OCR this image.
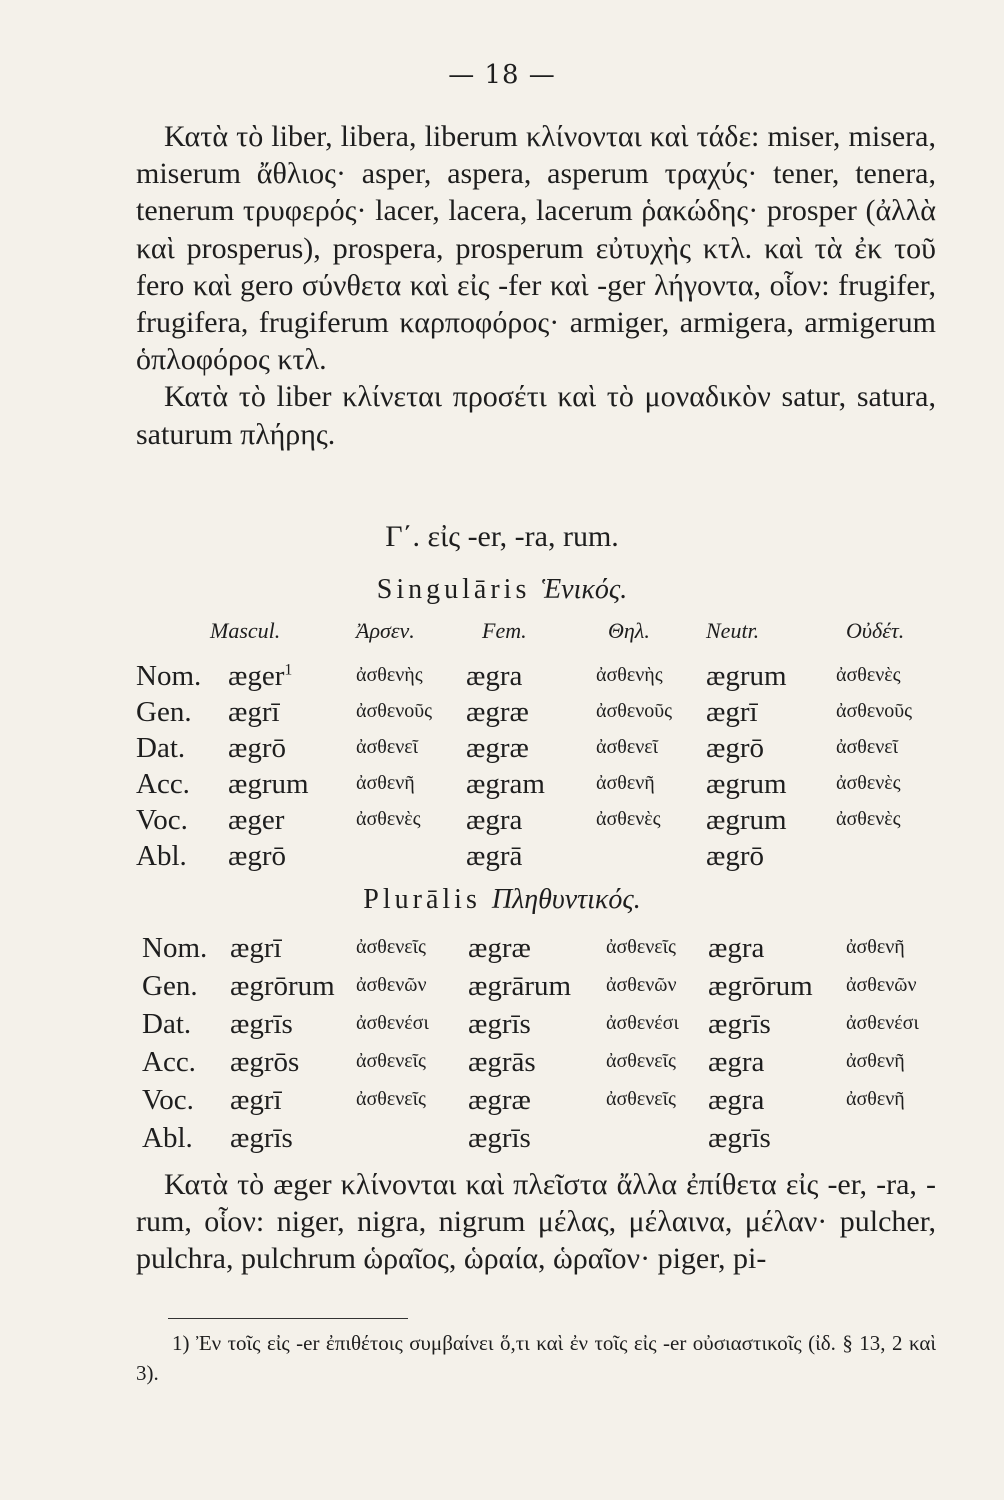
— 18 —

Κατὰ τὸ liber, libera, liberum κλίνονται καὶ τάδε: miser, misera, miserum ἄθλιος· asper, aspera, asperum τραχύς· tener, tenera, tenerum τρυφερός· lacer, lacera, lacerum ῥακώδης· prosper (ἀλλὰ καὶ prosperus), prospera, prosperum εὐτυχὴς κτλ. καὶ τὰ ἐκ τοῦ fero καὶ gero σύνθετα καὶ εἰς -fer καὶ -ger λήγοντα, οἷον: frugifer, frugifera, frugiferum καρποφόρος· armiger, armigera, armigerum ὁπλοφόρος κτλ.

Κατὰ τὸ liber κλίνεται προσέτι καὶ τὸ μοναδικὸν satur, satura, saturum πλήρης.

Γ΄. εἰς -er, -ra, rum.
Singulāris Ἑνικός.
Mascul.	Ἀρσεν.	Fem.	Θηλ.	Neutr.	Οὐδέτ.
Nom. æger$^1$	ἀσθενὴς ægra	ἀσθενὴς ægrum ἀσθενὲς
Gen. ægrī	ἀσθενοῦς ægræ	ἀσθενοῦς ægrī	ἀσθενοῦς
Dat. ægrō	ἀσθενεῖ ægræ	ἀσθενεῖ ægrō	ἀσθενεῖ
Acc. ægrum ἀσθενῆ ægram	ἀσθενῆ ægrum ἀσθενὲς
Voc. æger	ἀσθενὲς ægra	ἀσθενὲς ægrum ἀσθενὲς
Abl. ægrō	ægrā	ægrō
Plurālis Πληθυντικός.
Nom. ægrī	ἀσθενεῖς ægræ	ἀσθενεῖς ægra	ἀσθενῆ
Gen. ægrōrum ἀσθενῶν ægrārum ἀσθενῶν ægrōrum ἀσθενῶν
Dat. ægrīs	ἀσθενέσι ægrīs	ἀσθενέσι ægrīs	ἀσθενέσι
Acc. ægrōs	ἀσθενεῖς ægrās	ἀσθενεῖς ægra	ἀσθενῆ
Voc. ægrī	ἀσθενεῖς ægræ	ἀσθενεῖς ægra	ἀσθενῆ
Abl. ægrīs	ægrīs	ægrīs

Κατὰ τὸ æger κλίνονται καὶ πλεῖστα ἄλλα ἐπίθετα εἰς -er, -ra, -rum, οἷον: niger, nigra, nigrum μέλας, μέλαινα, μέλαν· pulcher, pulchra, pulchrum ὡραῖος, ὡραία, ὡραῖον· piger, pi-

1) Ἐν τοῖς εἰς -er ἐπιθέτοις συμβαίνει ὅ,τι καὶ ἐν τοῖς εἰς -er οὐσιαστικοῖς (ἰδ. § 13, 2 καὶ 3).
